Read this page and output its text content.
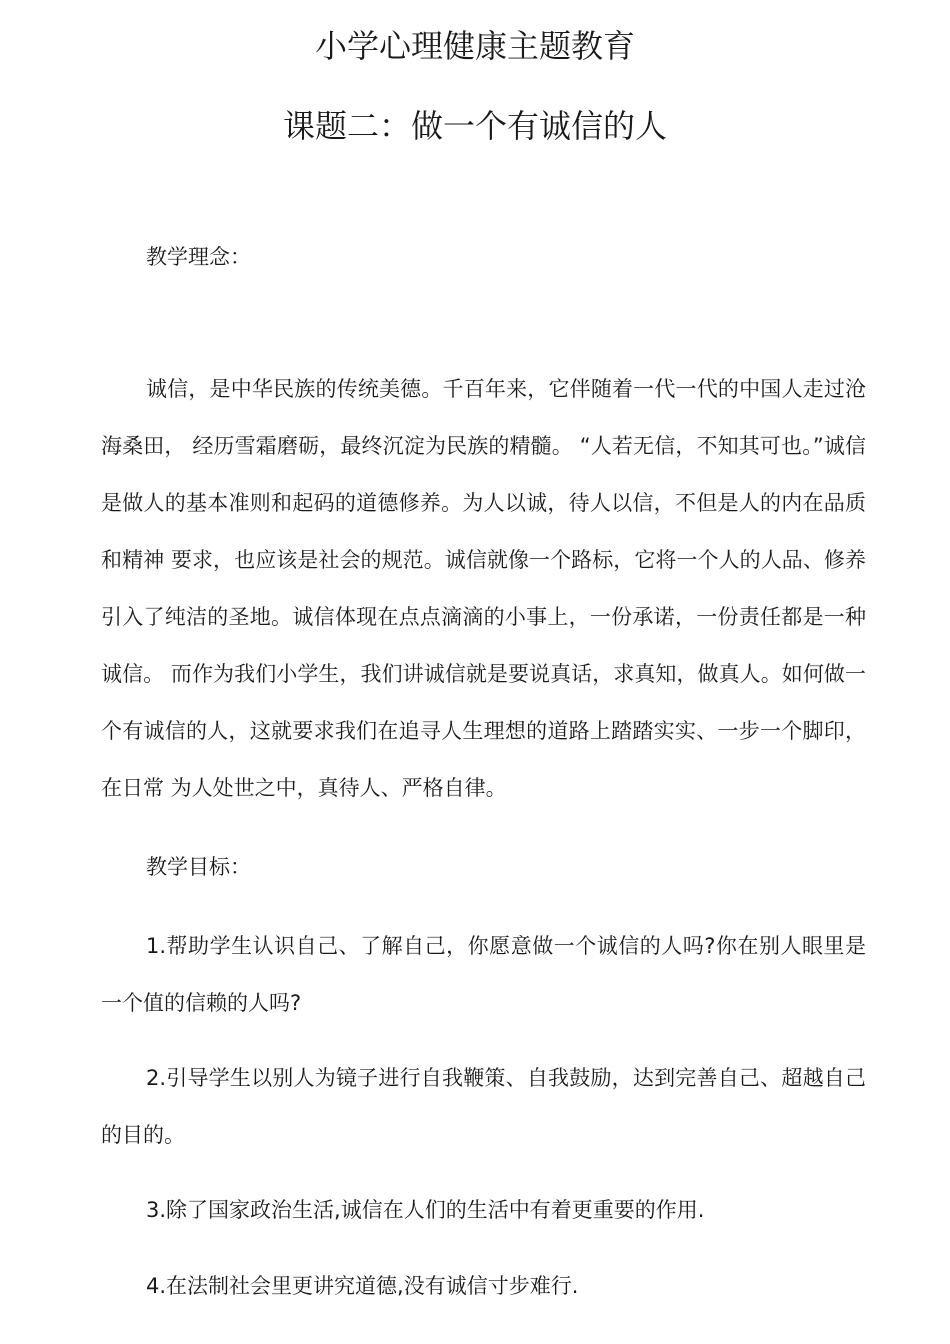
小学心理健康主题教育
课题二：做一个有诚信的人
教学理念：
诚信，是中华民族的传统美德。千百年来，它伴随着一代一代的中国人走过沧海桑田， 经历雪霜磨砺，最终沉淀为民族的精髓。 “人若无信，不知其可也。”诚信是做人的基本准则和起码的道德修养。为人以诚，待人以信，不但是人的内在品质和精神 要求，也应该是社会的规范。诚信就像一个路标，它将一个人的人品、修养引入了纯洁的圣地。诚信体现在点点滴滴的小事上，一份承诺，一份责任都是一种诚信。 而作为我们小学生，我们讲诚信就是要说真话，求真知，做真人。如何做一个有诚信的人，这就要求我们在追寻人生理想的道路上踏踏实实、一步一个脚印，在日常 为人处世之中，真待人、严格自律。
教学目标：
1.帮助学生认识自己、了解自己，你愿意做一个诚信的人吗?你在别人眼里是一个值的信赖的人吗?
2.引导学生以别人为镜子进行自我鞭策、自我鼓励，达到完善自己、超越自己的目的。
3.除了国家政治生活,诚信在人们的生活中有着更重要的作用.
4.在法制社会里更讲究道德,没有诚信寸步难行.
